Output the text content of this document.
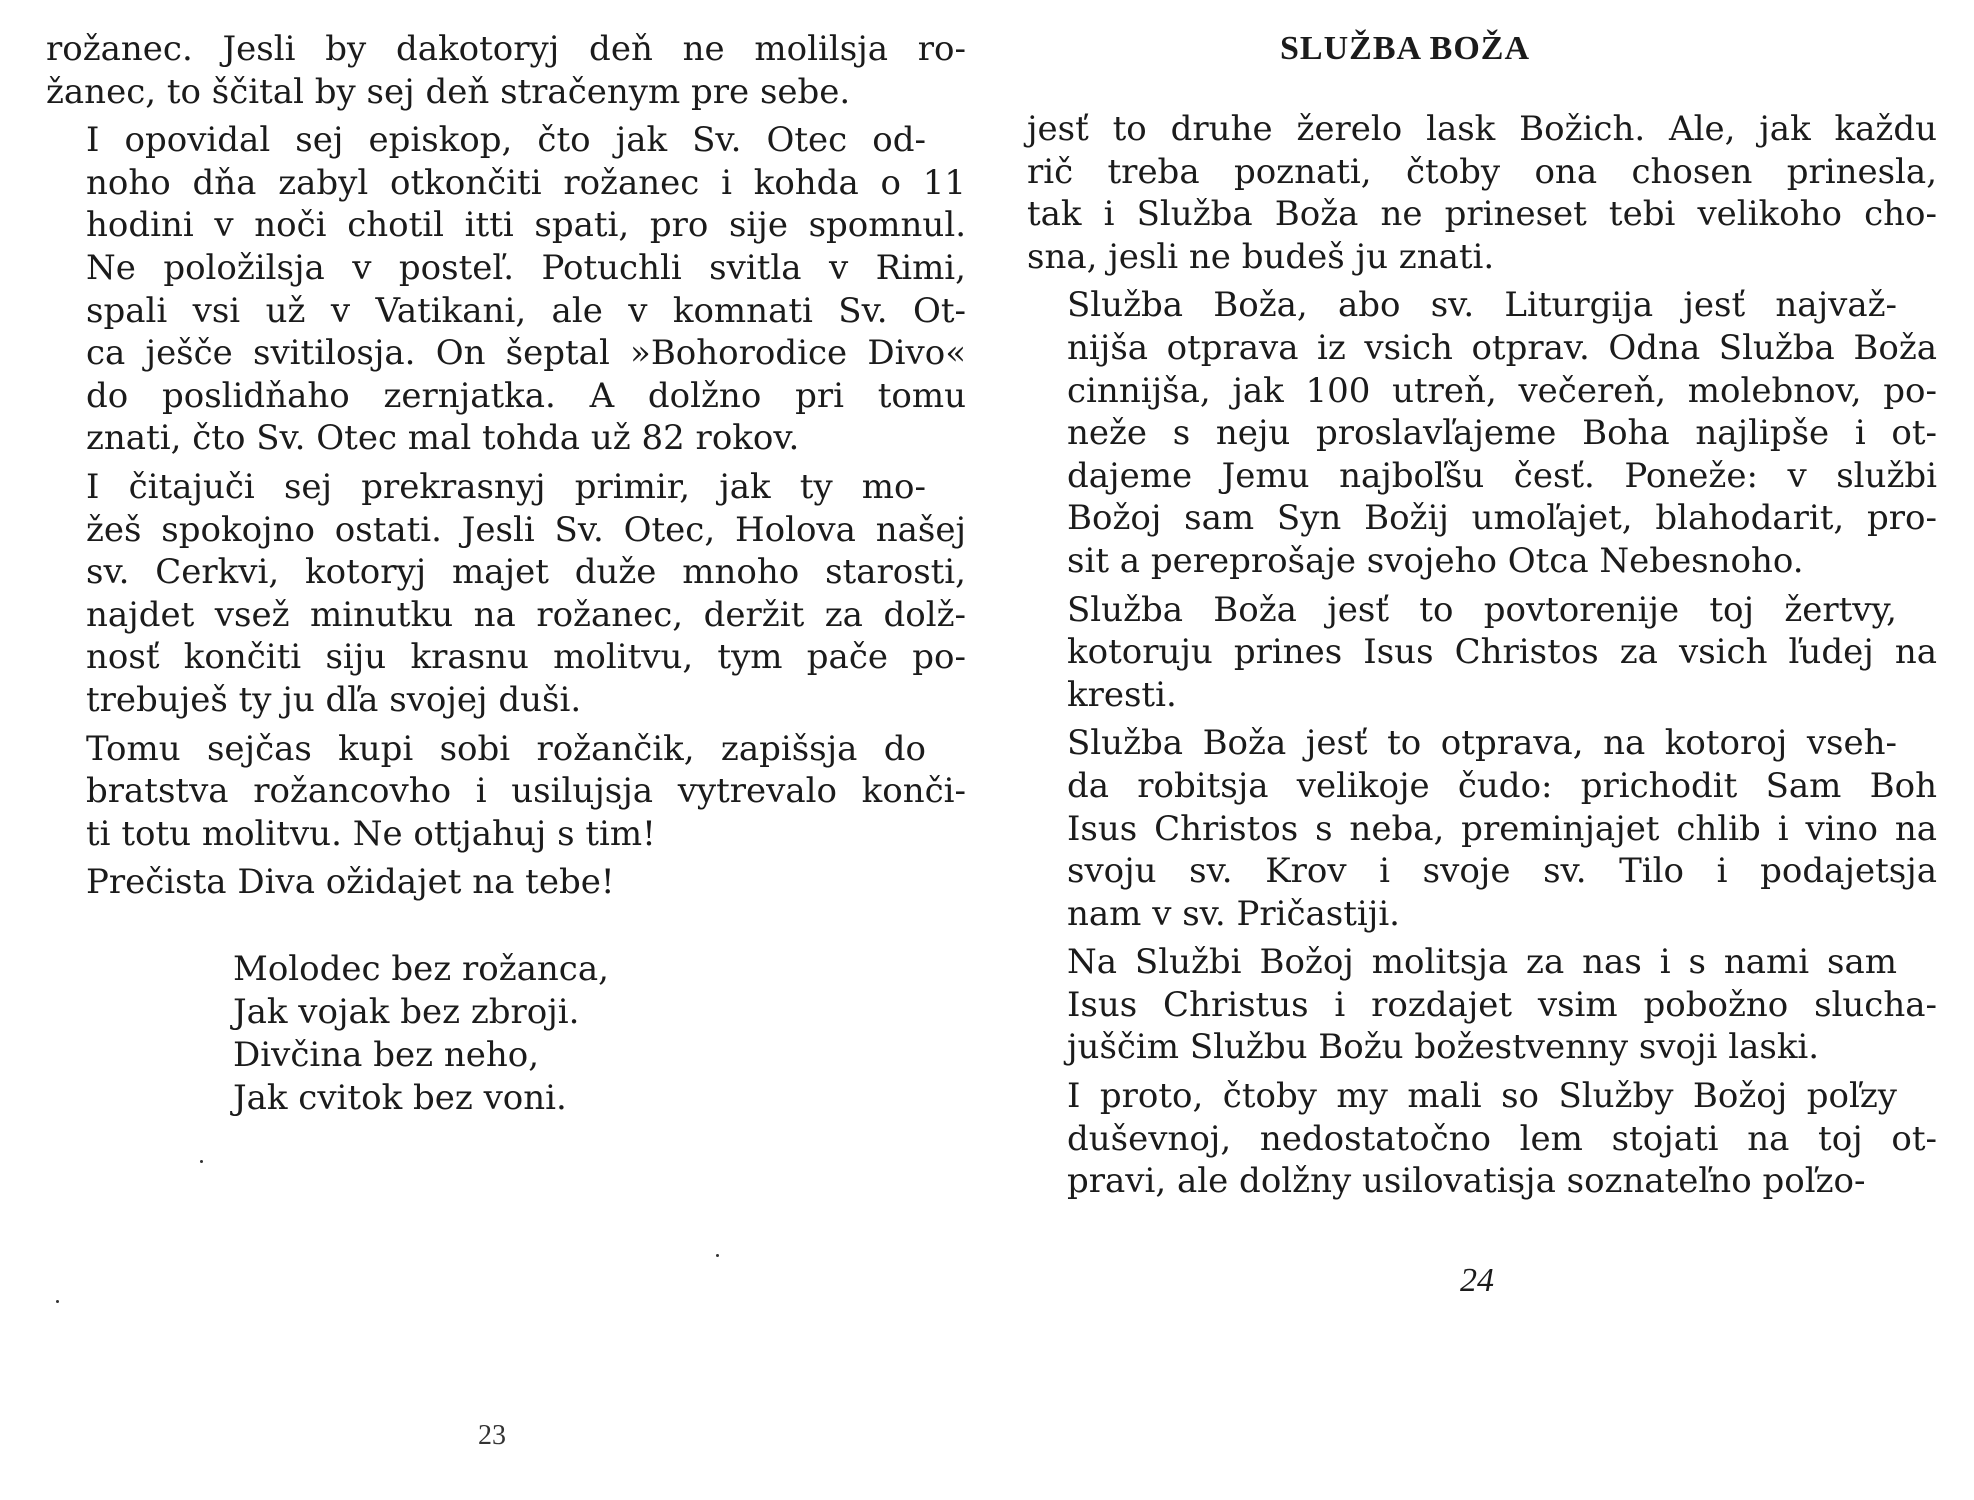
rožanec. Jesli by dakotoryj deň ne molilsja ro-
žanec, to ščital by sej deň stračenym pre sebe.

I opovidal sej episkop, čto jak Sv. Otec od-
noho dňa zabyl otkončiti rožanec i kohda o 11
hodini v noči chotil itti spati, pro sije spomnul.
Ne položilsja v posteľ. Potuchli svitla v Rimi,
spali vsi už v Vatikani, ale v komnati Sv. Ot-
ca ješče svitilosja. On šeptal »Bohorodice Divo«
do poslidňaho zernjatka. A dolžno pri tomu
znati, čto Sv. Otec mal tohda už 82 rokov.

I čitajuči sej prekrasnyj primir, jak ty mo-
žeš spokojno ostati. Jesli Sv. Otec, Holova našej
sv. Cerkvi, kotoryj majet duže mnoho starosti,
najdet vsež minutku na rožanec, deržit za dolž-
nosť končiti siju krasnu molitvu, tym pače po-
trebuješ ty ju dľa svojej duši.

Tomu sejčas kupi sobi rožančik, zapišsja do
bratstva rožancovho i usilujsja vytrevalo konči-
ti totu molitvu. Ne ottjahuj s tim!

Prečista Diva ožidajet na tebe!

Molodec bez rožanca,
Jak vojak bez zbroji.
Divčina bez neho,
Jak cvitok bez voni.
23

jesť to druhe žerelo lask Božich. Ale, jak každu
rič treba poznati, čtoby ona chosen prinesla,
tak i Služba Boža ne prineset tebi velikoho cho-
sna, jesli ne budeš ju znati.

Služba Boža, abo sv. Liturgija jesť najvaž-
nijša otprava iz vsich otprav. Odna Služba Boža
cinnijša, jak 100 utreň, večereň, molebnov, po-
neže s neju proslavľajeme Boha najlipše i ot-
dajeme Jemu najboľšu česť. Poneže: v službi
Božoj sam Syn Božij umoľajet, blahodarit, pro-
sit a pereprošaje svojeho Otca Nebesnoho.

Služba Boža jesť to povtorenije toj žertvy,
kotoruju prines Isus Christos za vsich ľudej na
kresti.

Služba Boža jesť to otprava, na kotoroj vseh-
da robitsja velikoje čudo: prichodit Sam Boh
Isus Christos s neba, preminjajet chlib i vino na
svoju sv. Krov i svoje sv. Tilo i podajetsja
nam v sv. Pričastiji.

Na Službi Božoj molitsja za nas i s nami sam
Isus Christus i rozdajet vsim pobožno slucha-
juščim Službu Božu božestvenny svoji laski.

I proto, čtoby my mali so Služby Božoj poľzy
duševnoj, nedostatočno lem stojati na toj ot-
pravi, ale dolžny usilovatisja soznateľno poľzo-

SLUŽBA BOŽA
24
